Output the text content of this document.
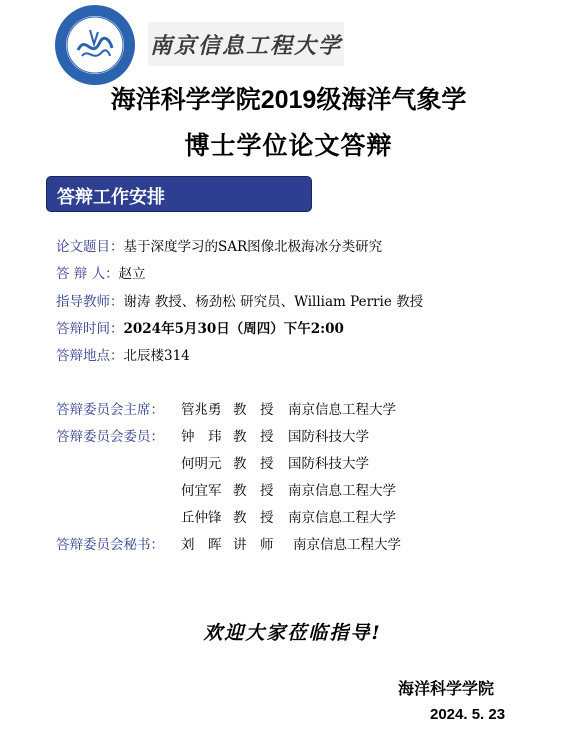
南京信息工程大学
海洋科学学院2019级海洋气象学
博士学位论文答辩
答辩工作安排
论文题目：基于深度学习的SAR图像北极海冰分类研究
答 辩 人：赵立
指导教师：谢涛 教授、杨劲松 研究员、William Perrie 教授
答辩时间：2024年5月30日（周四）下午2:00
答辩地点：北辰楼314
答辩委员会主席： 管兆勇 教　授 南京信息工程大学
答辩委员会委员： 钟　玮 教　授 国防科技大学
何明元 教　授 国防科技大学
何宜军 教　授 南京信息工程大学
丘仲锋 教　授 南京信息工程大学
答辩委员会秘书： 刘　晖 讲　师 南京信息工程大学
欢迎大家莅临指导!
海洋科学学院
2024. 5. 23
